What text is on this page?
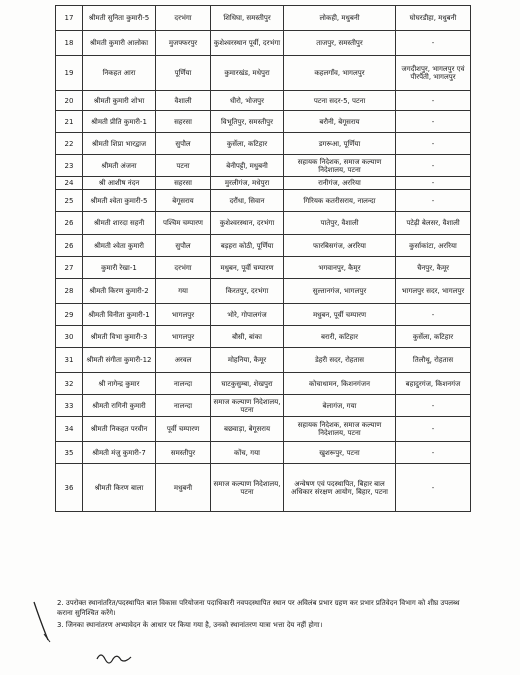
17	श्रीमती सुनिता कुमारी-5	दरभंगा	शिधिघा, समस्तीपुर	लोकही, मधुबनी	घोघरडीहा, मधुबनी
18	श्रीमती कुमारी आलोका	मुजफ्फरपुर	कुशेश्वरस्थान पूर्वी, दरभंगा	ताजपुर, समस्तीपुर	-
19	निकहत आरा	पूर्णिया	कुमारखंड, मधेपुरा	कहलगाँव, भागलपुर	जगदीशपुर, भागलपुर एवं पीरपैंती, भागलपुर
20	श्रीमती कुमारी शोभा	वैशाली	धीरो, भोजपुर	पटना सदर-5, पटना	-
21	श्रीमती प्रीति कुमारी-1	सहरसा	विभूतिपुर, समस्तीपुर	बरौनी, बेगूसराय	-
22	श्रीमती शिप्रा भारद्वाज	सुपौल	कुर्सेला, कटिहार	डगरूआ, पूर्णिया	-
23	श्रीमती अंजना	पटना	बेनीपट्टी, मधुबनी	सहायक निदेशक, समाज कल्याण निदेशालय, पटना	-
24	श्री आशीष नंदन	सहरसा	मुरलीगंज, मधेपुरा	रानीगंज, अररिया	-
25	श्रीमती श्वेता कुमारी-5	बेगूसराय	दरौंधा, सिवान	गिरियक कतरीसराय, नालन्दा	-
26	श्रीमती शारदा सहनी	पश्चिम चम्पारण	कुशेश्वरस्थान, दरभंगा	पातेपुर, वैशाली	पटेढ़ी बेलसर, वैशाली
26	श्रीमती श्वेता कुमारी	सुपौल	बड़हरा कोठी, पूर्णिया	फारबिसगंज, अररिया	कुर्साकांटा, अररिया
27	कुमारी रेखा-1	दरभंगा	मधुबन, पूर्वी चम्पारण	भगवानपुर, कैमूर	चैनपुर, कैमूर
28	श्रीमती किरण कुमारी-2	गया	किरतपुर, दरभंगा	सुल्तानगंज, भागलपुर	भागलपुर सदर, भागलपुर
29	श्रीमती विनीता कुमारी-1	भागलपुर	भोरे, गोपालगंज	मधुबन, पूर्वी चम्पारण	-
30	श्रीमती विभा कुमारी-3	भागलपुर	बौसी, बांका	बरारी, कटिहार	कुर्सेला, कटिहार
31	श्रीमती संगीता कुमारी-12	अरवल	मोहनिया, कैमूर	डेहरी सदर, रोहतास	तिलौथू, रोहतास
32	श्री नागेन्द्र कुमार	नालन्दा	घाटकुसुम्बा, शेखपुरा	कोचाधामन, किशनगंजन	बहादुरगंज, किशनगंज
33	श्रीमती रागिनी कुमारी	नालन्दा	समाज कल्याण निदेशालय, पटना	बेलागंज, गया	-
34	श्रीमती निकहत परवीन	पूर्वी चम्पारण	बछवाड़ा, बेगूसराय	सहायक निदेशक, समाज कल्याण निदेशालय, पटना	-
35	श्रीमती मंजु कुमारी-7	समस्तीपुर	कोंच, गया	खुशरूपुर, पटना	-
36	श्रीमती किरण बाला	मधुबनी	समाज कल्याण निदेशालय, पटना	अन्वेषण एवं पदस्थापित, बिहार बाल अधिकार संरक्षण आयोग, बिहार, पटना	-
2. उपरोक्त स्थानांतरित/पदस्थापित बाल विकास परियोजना पदाधिकारी नवपदस्थापित स्थान पर अविलंब प्रभार ग्रहण कर प्रभार प्रतिवेदन विभाग को शीघ्र उपलब्ध कराना सुनिश्चित करेंगे।
3. जिनका स्थानांतरण अभ्यावेदन के आधार पर किया गया है, उनको स्थानांतरण यात्रा भत्ता देय नहीं होगा।
